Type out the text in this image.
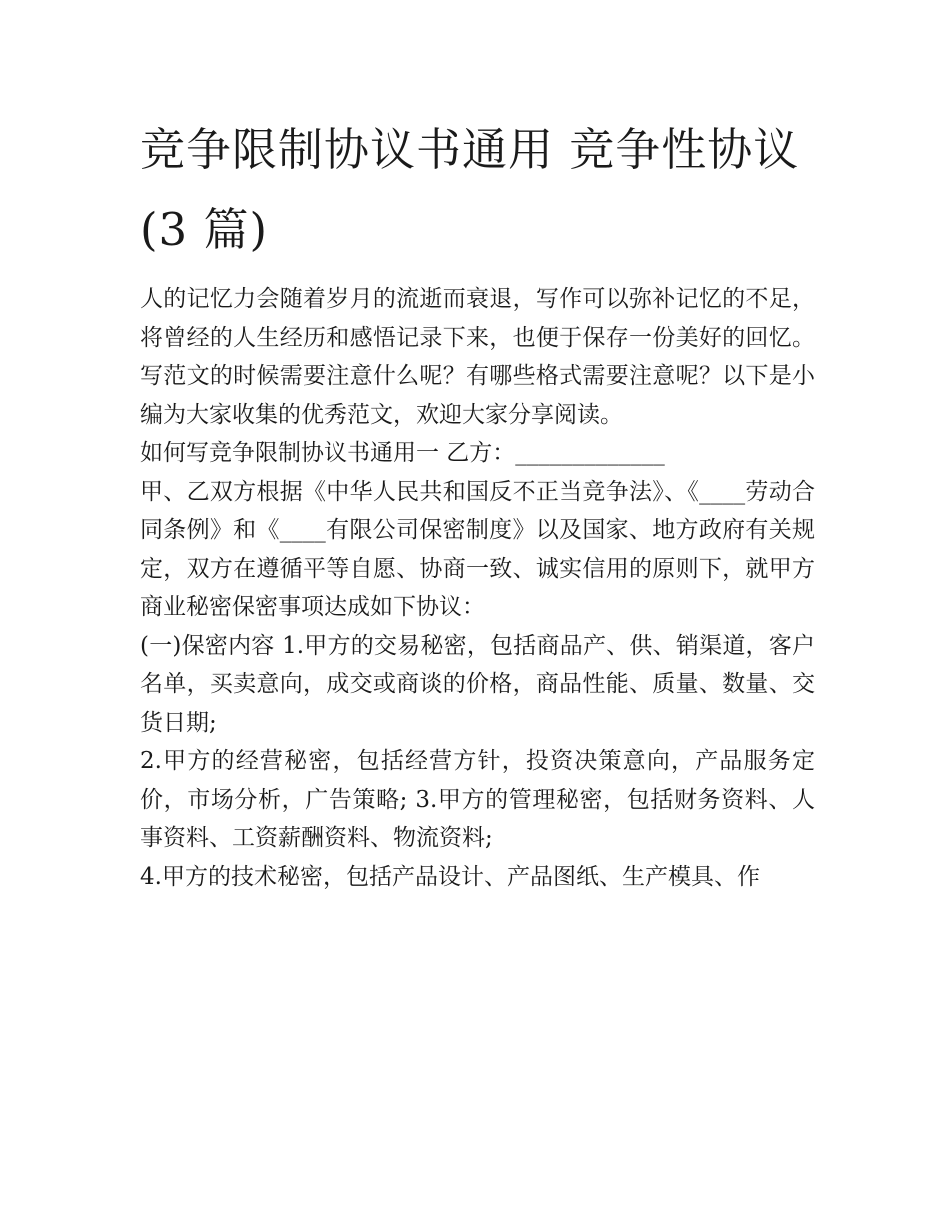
竞争限制协议书通用 竞争性协议(3 篇)

人的记忆力会随着岁月的流逝而衰退，写作可以弥补记忆的不足，将曾经的人生经历和感悟记录下来，也便于保存一份美好的回忆。写范文的时候需要注意什么呢？有哪些格式需要注意呢？以下是小编为大家收集的优秀范文，欢迎大家分享阅读。

如何写竞争限制协议书通用一 乙方：_____________

甲、乙双方根据《中华人民共和国反不正当竞争法》、《____劳动合同条例》和《____有限公司保密制度》以及国家、地方政府有关规定，双方在遵循平等自愿、协商一致、诚实信用的原则下，就甲方商业秘密保密事项达成如下协议：

(一)保密内容 1.甲方的交易秘密，包括商品产、供、销渠道，客户名单，买卖意向，成交或商谈的价格，商品性能、质量、数量、交货日期;

2.甲方的经营秘密，包括经营方针，投资决策意向，产品服务定价，市场分析，广告策略; 3.甲方的管理秘密，包括财务资料、人事资料、工资薪酬资料、物流资料;

4.甲方的技术秘密，包括产品设计、产品图纸、生产模具、作
